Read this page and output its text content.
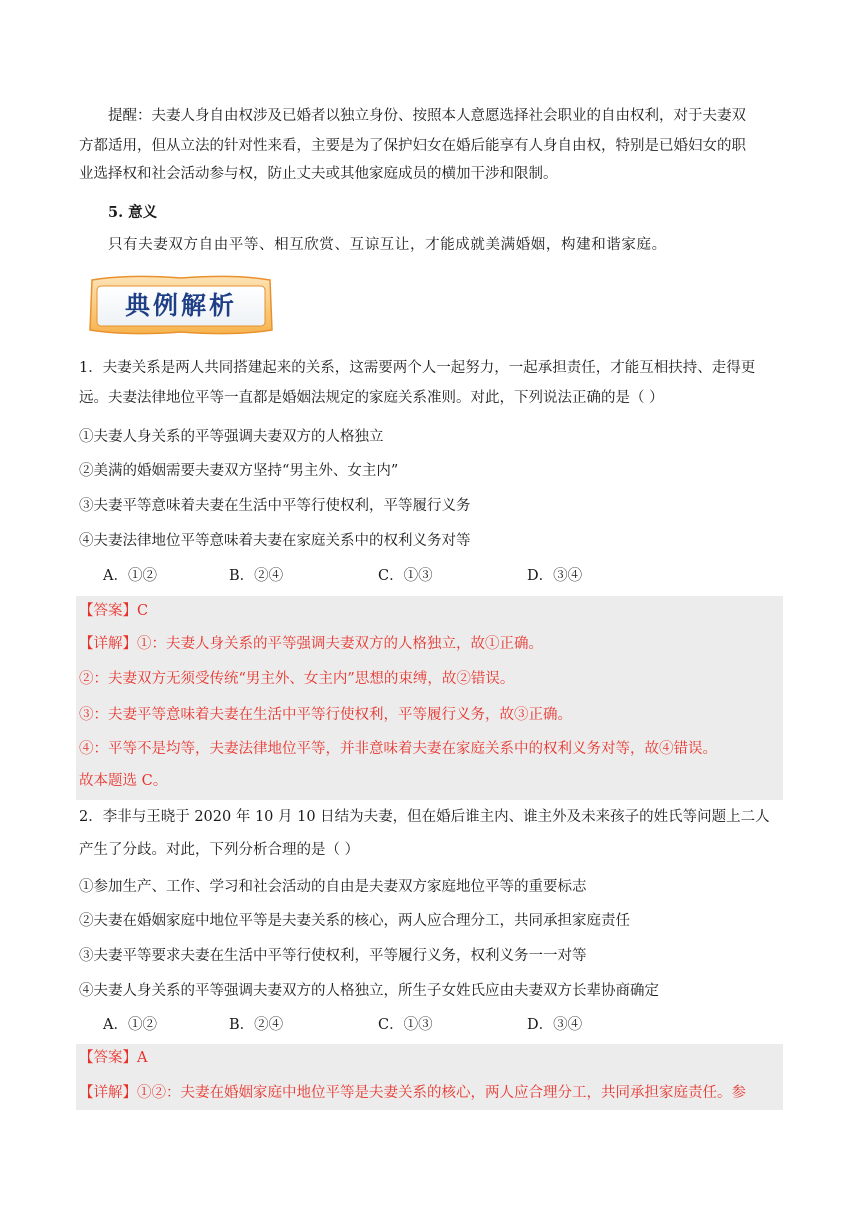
提醒：夫妻人身自由权涉及已婚者以独立身份、按照本人意愿选择社会职业的自由权利，对于夫妻双
方都适用，但从立法的针对性来看，主要是为了保护妇女在婚后能享有人身自由权，特别是已婚妇女的职
业选择权和社会活动参与权，防止丈夫或其他家庭成员的横加干涉和限制。
5. 意义
只有夫妻双方自由平等、相互欣赏、互谅互让，才能成就美满婚姻，构建和谐家庭。
典例解析
1．夫妻关系是两人共同搭建起来的关系，这需要两个人一起努力，一起承担责任，才能互相扶持、走得更
远。夫妻法律地位平等一直都是婚姻法规定的家庭关系准则。对此，下列说法正确的是（ ）
①夫妻人身关系的平等强调夫妻双方的人格独立
②美满的婚姻需要夫妻双方坚持“男主外、女主内”
③夫妻平等意味着夫妻在生活中平等行使权利，平等履行义务
④夫妻法律地位平等意味着夫妻在家庭关系中的权利义务对等
A．①②	B．②④	C．①③	D．③④
【答案】C
【详解】①：夫妻人身关系的平等强调夫妻双方的人格独立，故①正确。
②：夫妻双方无须受传统“男主外、女主内”思想的束缚，故②错误。
③：夫妻平等意味着夫妻在生活中平等行使权利，平等履行义务，故③正确。
④：平等不是均等，夫妻法律地位平等，并非意味着夫妻在家庭关系中的权利义务对等，故④错误。
故本题选 C。
2．李非与王晓于 2020 年 10 月 10 日结为夫妻，但在婚后谁主内、谁主外及未来孩子的姓氏等问题上二人
产生了分歧。对此，下列分析合理的是（ ）
①参加生产、工作、学习和社会活动的自由是夫妻双方家庭地位平等的重要标志
②夫妻在婚姻家庭中地位平等是夫妻关系的核心，两人应合理分工，共同承担家庭责任
③夫妻平等要求夫妻在生活中平等行使权利，平等履行义务，权利义务一一对等
④夫妻人身关系的平等强调夫妻双方的人格独立，所生子女姓氏应由夫妻双方长辈协商确定
A．①②	B．②④	C．①③	D．③④
【答案】A
【详解】①②：夫妻在婚姻家庭中地位平等是夫妻关系的核心，两人应合理分工，共同承担家庭责任。参
